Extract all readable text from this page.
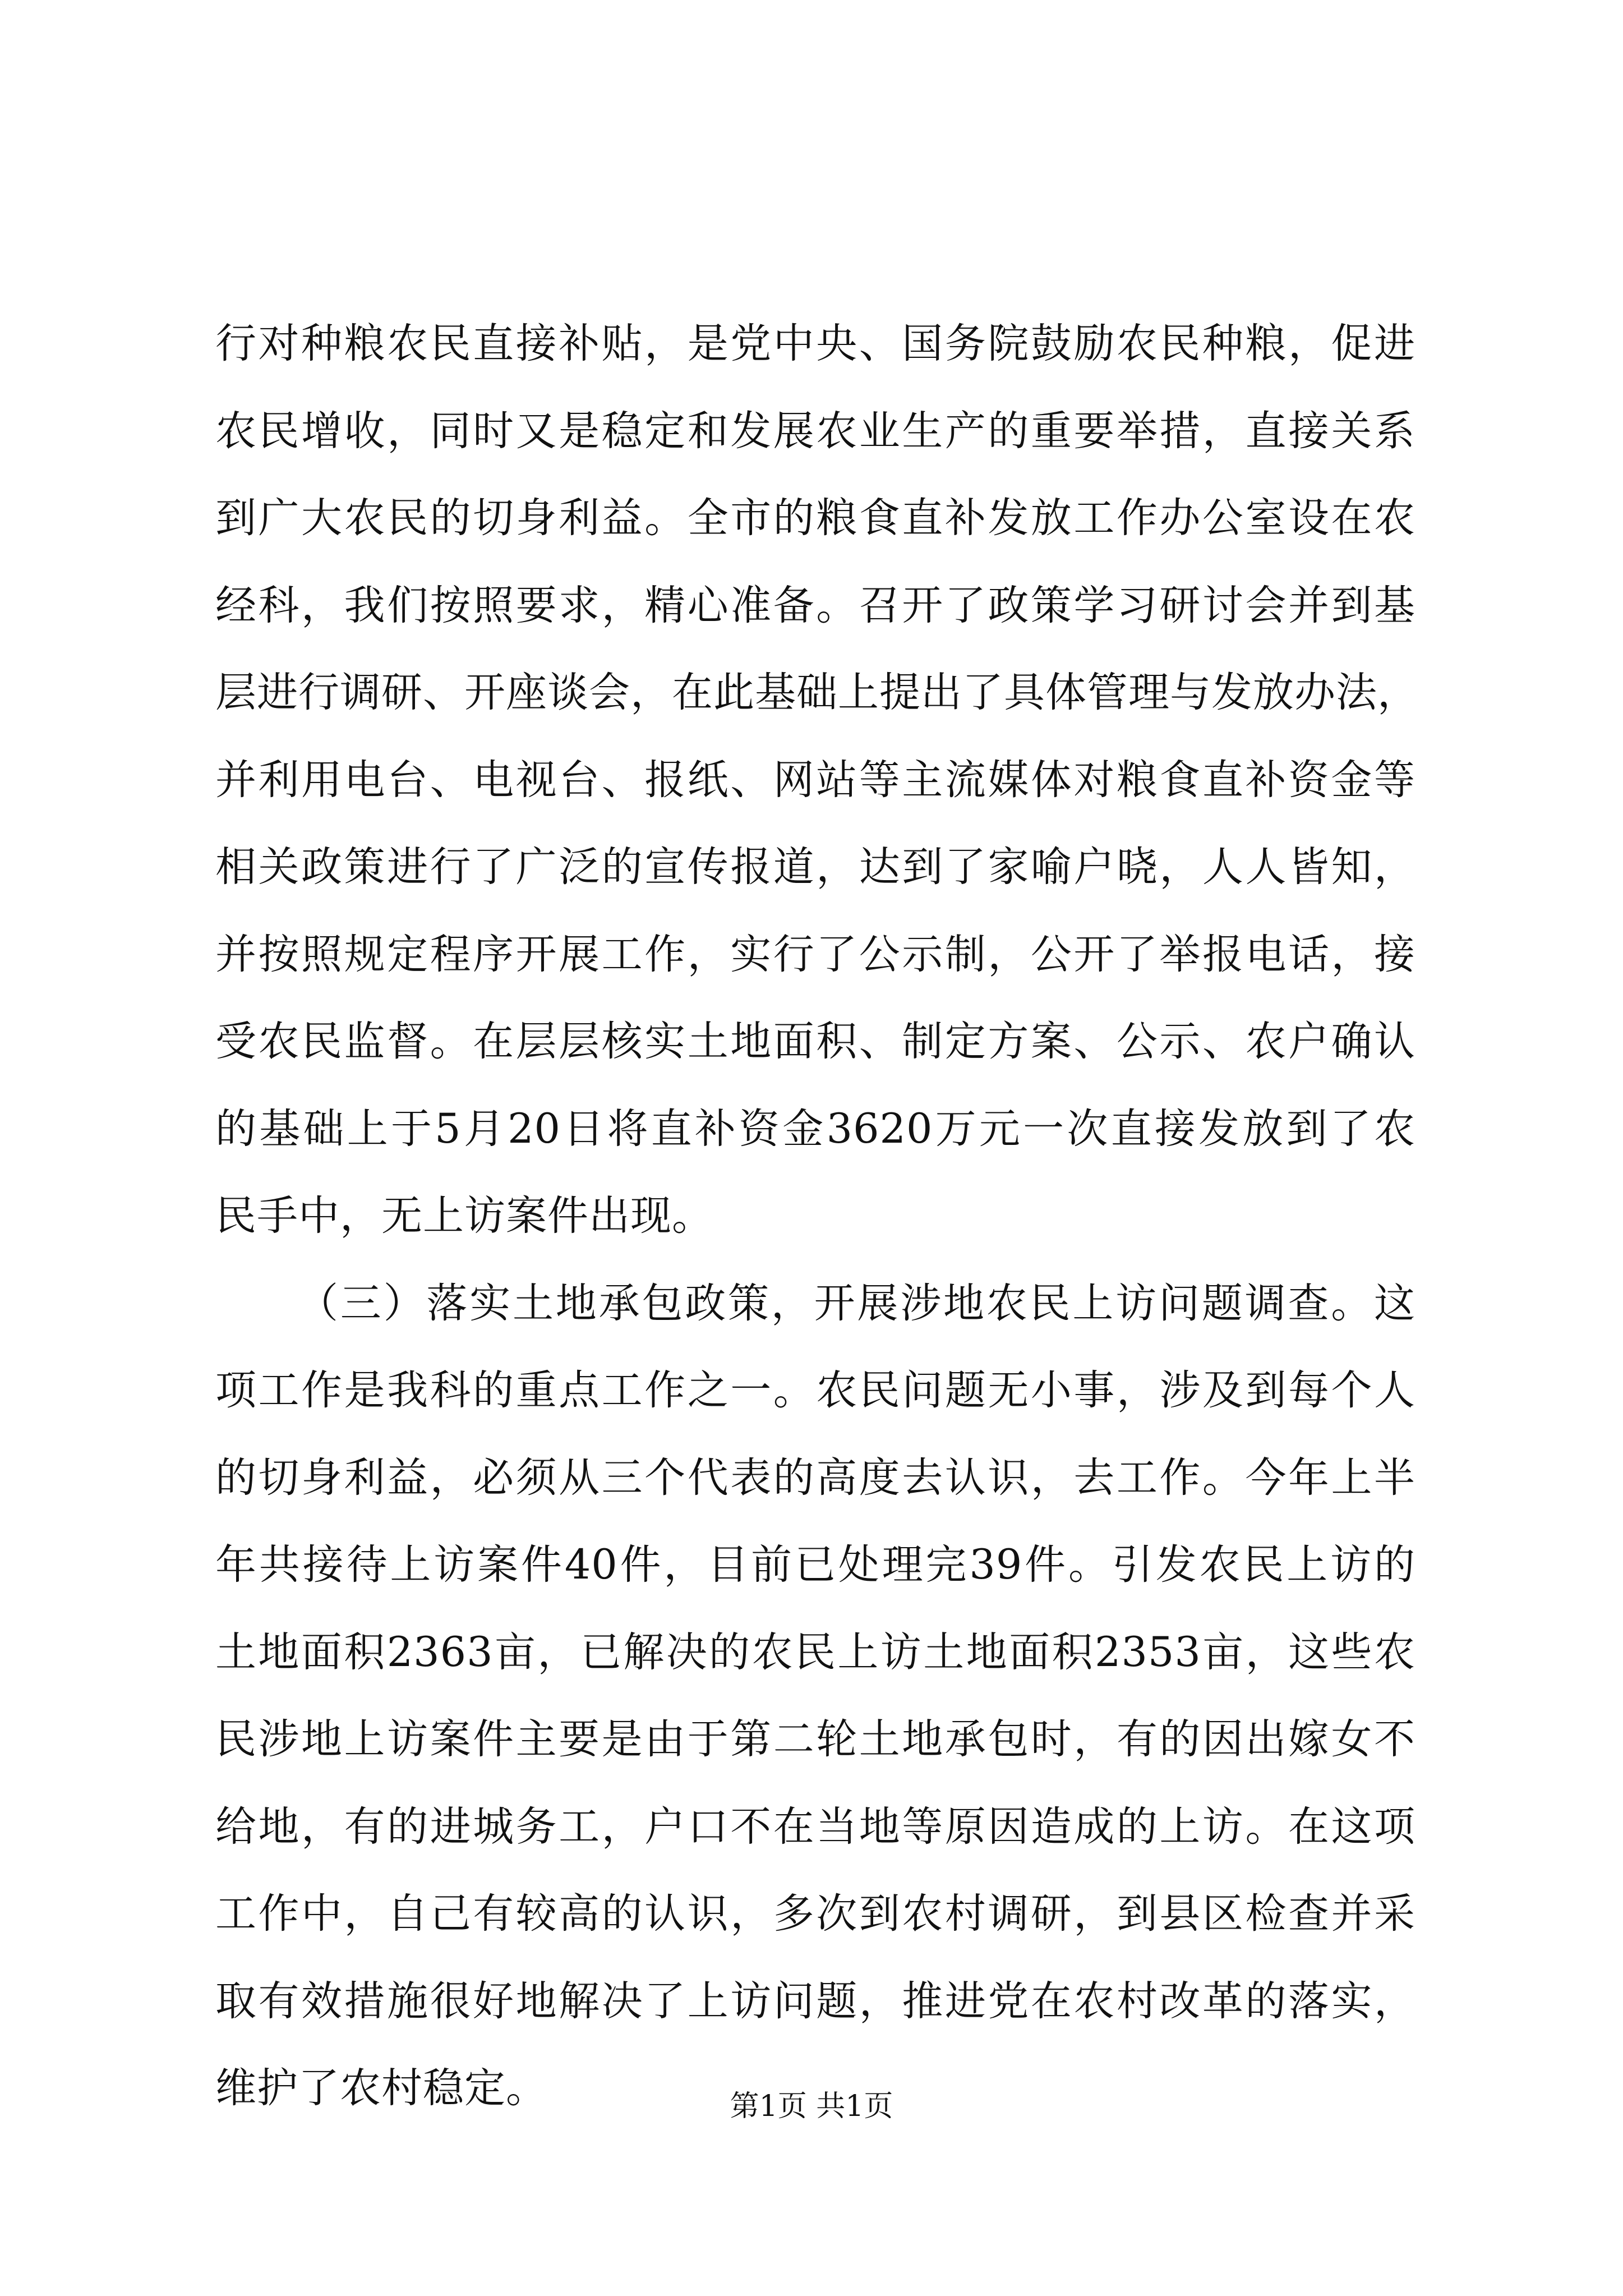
行对种粮农民直接补贴，是党中央、国务院鼓励农民种粮，促进
农民增收，同时又是稳定和发展农业生产的重要举措，直接关系
到广大农民的切身利益。全市的粮食直补发放工作办公室设在农
经科，我们按照要求，精心准备。召开了政策学习研讨会并到基
层进行调研、开座谈会，在此基础上提出了具体管理与发放办法，
并利用电台、电视台、报纸、网站等主流媒体对粮食直补资金等
相关政策进行了广泛的宣传报道，达到了家喻户晓，人人皆知，
并按照规定程序开展工作，实行了公示制，公开了举报电话，接
受农民监督。在层层核实土地面积、制定方案、公示、农户确认
的基础上于5月20日将直补资金3620万元一次直接发放到了农
民手中，无上访案件出现。
（三）落实土地承包政策，开展涉地农民上访问题调查。这
项工作是我科的重点工作之一。农民问题无小事，涉及到每个人
的切身利益，必须从三个代表的高度去认识，去工作。今年上半
年共接待上访案件40件，目前已处理完39件。引发农民上访的
土地面积2363亩，已解决的农民上访土地面积2353亩，这些农
民涉地上访案件主要是由于第二轮土地承包时，有的因出嫁女不
给地，有的进城务工，户口不在当地等原因造成的上访。在这项
工作中，自己有较高的认识，多次到农村调研，到县区检查并采
取有效措施很好地解决了上访问题，推进党在农村改革的落实，
维护了农村稳定。	第1页 共1页
